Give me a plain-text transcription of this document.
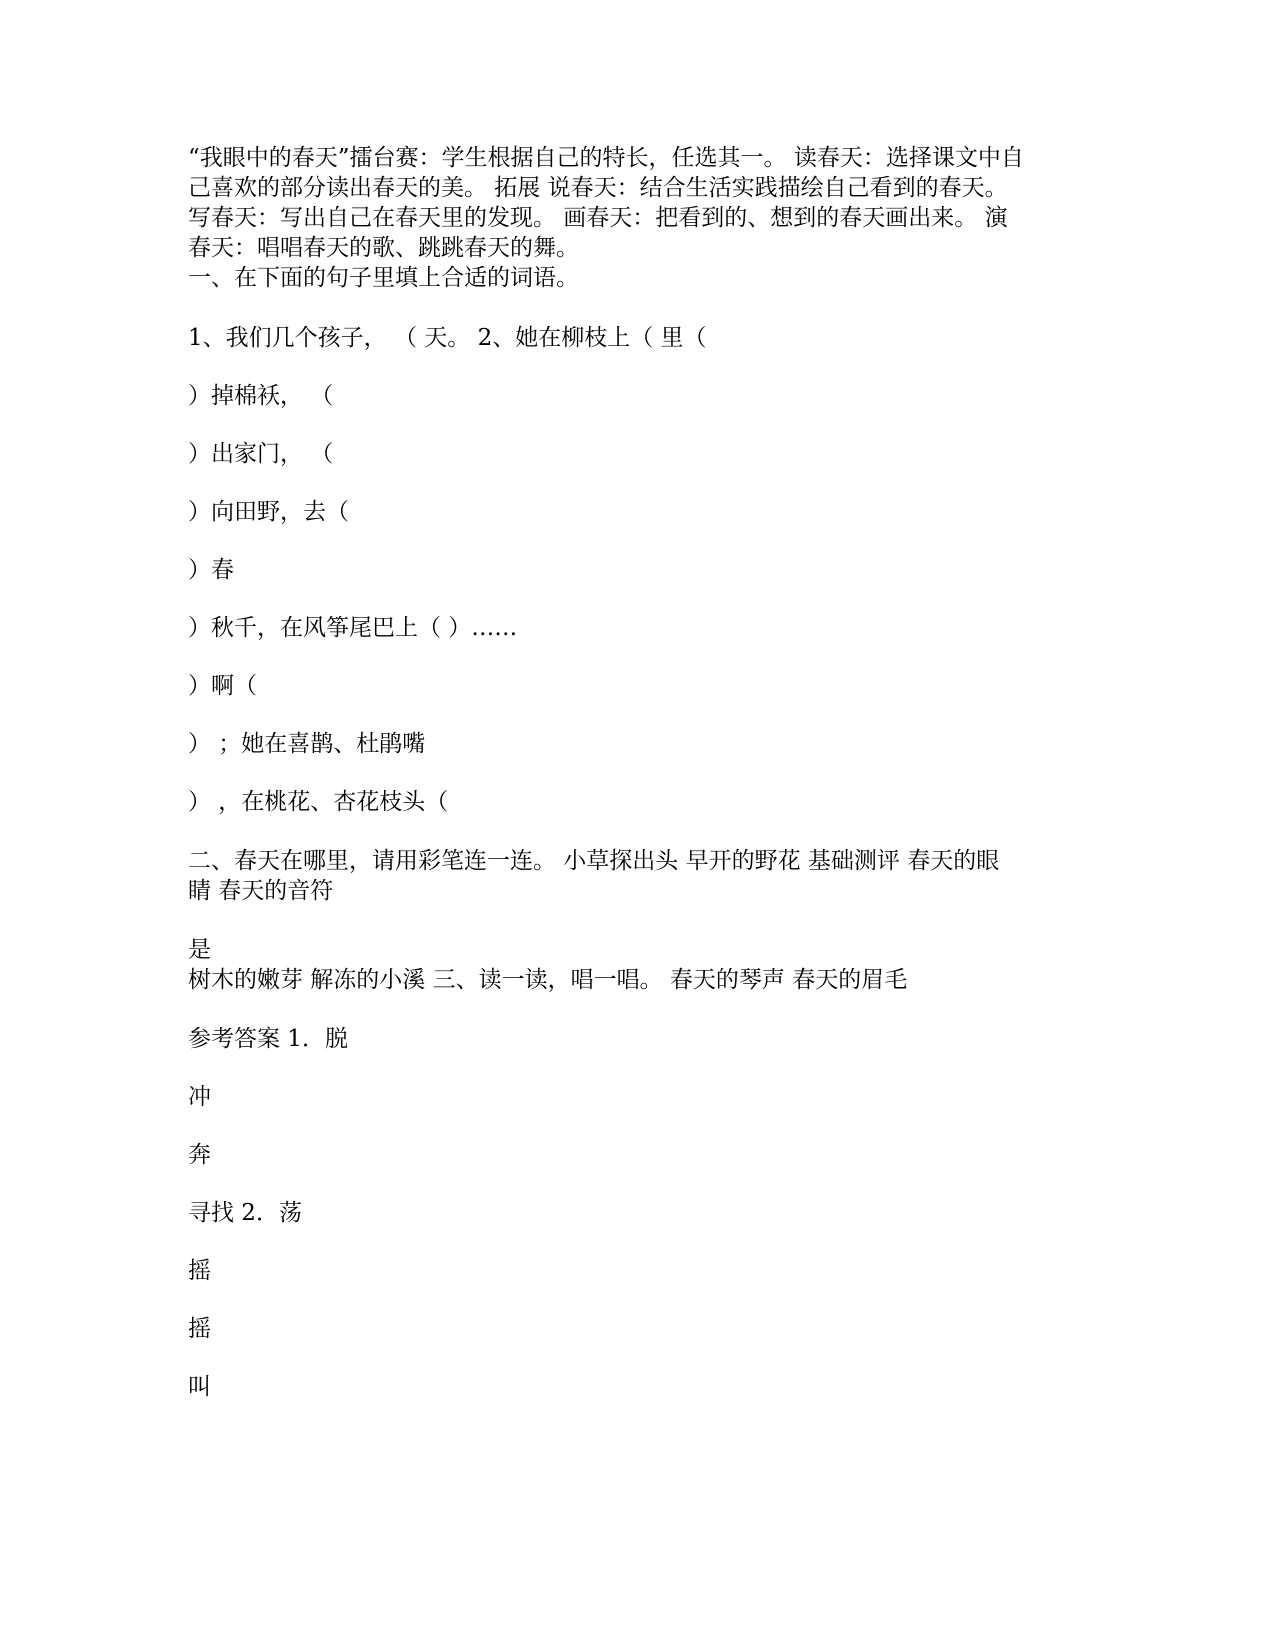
“我眼中的春天”擂台赛：学生根据自己的特长，任选其一。 读春天：选择课文中自

己喜欢的部分读出春天的美。 拓展 说春天：结合生活实践描绘自己看到的春天。

写春天：写出自己在春天里的发现。 画春天：把看到的、想到的春天画出来。 演

春天：唱唱春天的歌、跳跳春天的舞。

一、在下面的句子里填上合适的词语。

1、我们几个孩子， （ 天。 2、她在柳枝上（ 里（

）掉棉袄， （

）出家门， （

）向田野，去（

）春

）秋千，在风筝尾巴上（ ）……

）啊（

） ；她在喜鹊、杜鹃嘴

） ，在桃花、杏花枝头（

二、春天在哪里，请用彩笔连一连。 小草探出头 早开的野花 基础测评 春天的眼

睛 春天的音符

是

树木的嫩芽 解冻的小溪 三、读一读，唱一唱。 春天的琴声 春天的眉毛

参考答案 1．脱

冲

奔

寻找 2．荡

摇

摇

叫
